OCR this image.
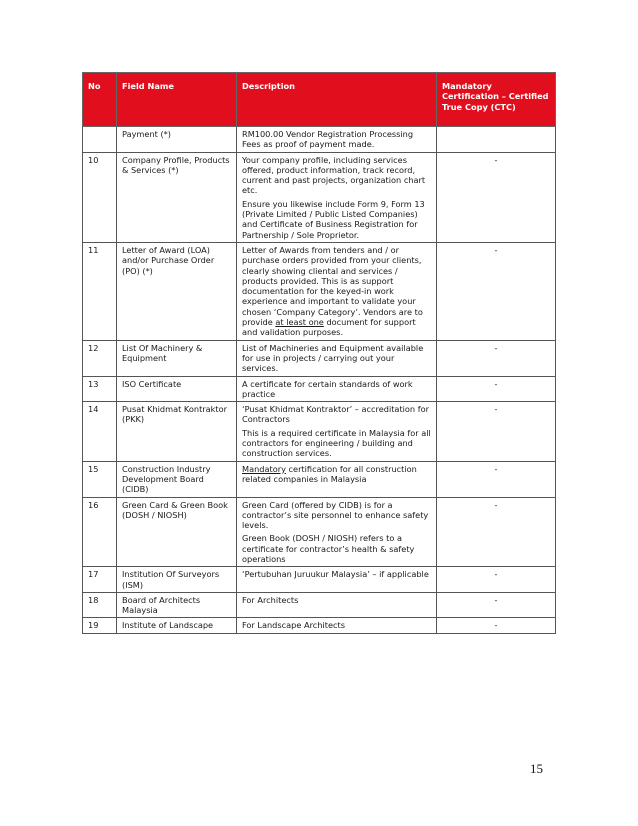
No	Field Name	Description	Mandatory Certification – Certified True Copy (CTC)
	Payment (*)	RM100.00 Vendor Registration Processing Fees as proof of payment made.	

10	Company Profile, Products & Services (*)	Your company profile, including services offered, product information, track record, current and past projects, organization chart etc.

Ensure you likewise include Form 9, Form 13 (Private Limited / Public Listed Companies) and Certificate of Business Registration for Partnership / Sole Proprietor.	-
11	Letter of Award (LOA) and/or Purchase Order (PO) (*)	Letter of Awards from tenders and / or purchase orders provided from your clients, clearly showing cliental and services / products provided. This is as support documentation for the keyed-in work experience and important to validate your chosen ‘Company Category’. Vendors are to provide at least one document for support and validation purposes.	-
12	List Of Machinery & Equipment	List of Machineries and Equipment available for use in projects / carrying out your services.	-
13	ISO Certificate	A certificate for certain standards of work practice	-
14	Pusat Khidmat Kontraktor (PKK)	‘Pusat Khidmat Kontraktor’ – accreditation for Contractors

This is a required certificate in Malaysia for all contractors for engineering / building and construction services.	-
15	Construction Industry Development Board (CIDB)	Mandatory certification for all construction related companies in Malaysia	-
16	Green Card & Green Book (DOSH / NIOSH)	Green Card (offered by CIDB) is for a contractor’s site personnel to enhance safety levels.

Green Book (DOSH / NIOSH) refers to a certificate for contractor’s health & safety operations	-
17	Institution Of Surveyors (ISM)	‘Pertubuhan Juruukur Malaysia’ – if applicable	-
18	Board of Architects Malaysia	For Architects	-
19	Institute of Landscape	For Landscape Architects	-
15
